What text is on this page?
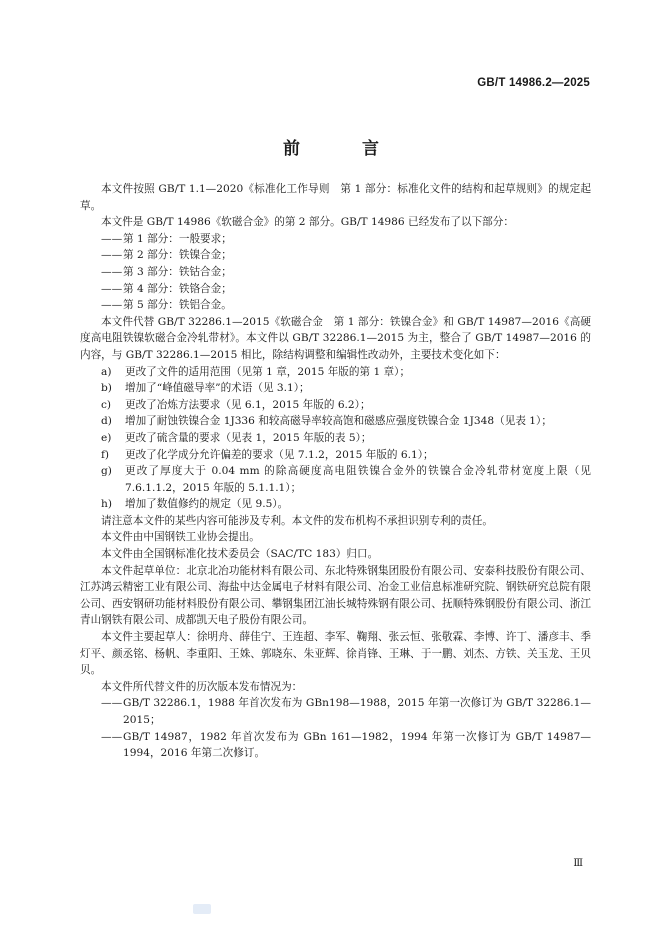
GB/T 14986.2—2025
前 言

本文件按照 GB/T 1.1—2020《标准化工作导则　第 1 部分：标准化文件的结构和起草规则》的规定起草。

本文件是 GB/T 14986《软磁合金》的第 2 部分。GB/T 14986 已经发布了以下部分：

——第 1 部分：一般要求；
——第 2 部分：铁镍合金；
——第 3 部分：铁钴合金；
——第 4 部分：铁铬合金；
——第 5 部分：铁铝合金。

本文件代替 GB/T 32286.1—2015《软磁合金　第 1 部分：铁镍合金》和 GB/T 14987—2016《高硬度高电阻铁镍软磁合金冷轧带材》。本文件以 GB/T 32286.1—2015 为主，整合了 GB/T 14987—2016 的内容，与 GB/T 32286.1—2015 相比，除结构调整和编辑性改动外，主要技术变化如下：

a)	更改了文件的适用范围（见第 1 章，2015 年版的第 1 章）；
b)	增加了“峰值磁导率”的术语（见 3.1）；
c)	更改了冶炼方法要求（见 6.1，2015 年版的 6.2）；
d)	增加了耐蚀铁镍合金 1J336 和较高磁导率较高饱和磁感应强度铁镍合金 1J348（见表 1）；
e)	更改了硫含量的要求（见表 1，2015 年版的表 5）；
f)	更改了化学成分允许偏差的要求（见 7.1.2，2015 年版的 6.1）；
g)	更改了厚度大于 0.04 mm 的除高硬度高电阻铁镍合金外的铁镍合金冷轧带材宽度上限（见 7.6.1.1.2，2015 年版的 5.1.1.1）；
h)	增加了数值修约的规定（见 9.5）。

请注意本文件的某些内容可能涉及专利。本文件的发布机构不承担识别专利的责任。

本文件由中国钢铁工业协会提出。

本文件由全国钢标准化技术委员会（SAC/TC 183）归口。

本文件起草单位：北京北冶功能材料有限公司、东北特殊钢集团股份有限公司、安泰科技股份有限公司、江苏鸿云精密工业有限公司、海盐中达金属电子材料有限公司、冶金工业信息标准研究院、钢铁研究总院有限公司、西安钢研功能材料股份有限公司、攀钢集团江油长城特殊钢有限公司、抚顺特殊钢股份有限公司、浙江青山钢铁有限公司、成都凯天电子股份有限公司。

本文件主要起草人：徐明舟、薛佳宁、王连超、李军、鞠翔、张云恒、张敬霖、李博、许丁、潘彦丰、季灯平、颜丞铭、杨帆、李重阳、王姝、郭晓东、朱亚辉、徐肖锋、王琳、于一鹏、刘杰、方铁、关玉龙、王贝贝。

本文件所代替文件的历次版本发布情况为：

—— GB/T 32286.1，1988 年首次发布为 GBn198—1988，2015 年第一次修订为 GB/T 32286.1—2015；
—— GB/T 14987，1982 年首次发布为 GBn 161—1982，1994 年第一次修订为 GB/T 14987—1994，2016 年第二次修订。
Ⅲ
